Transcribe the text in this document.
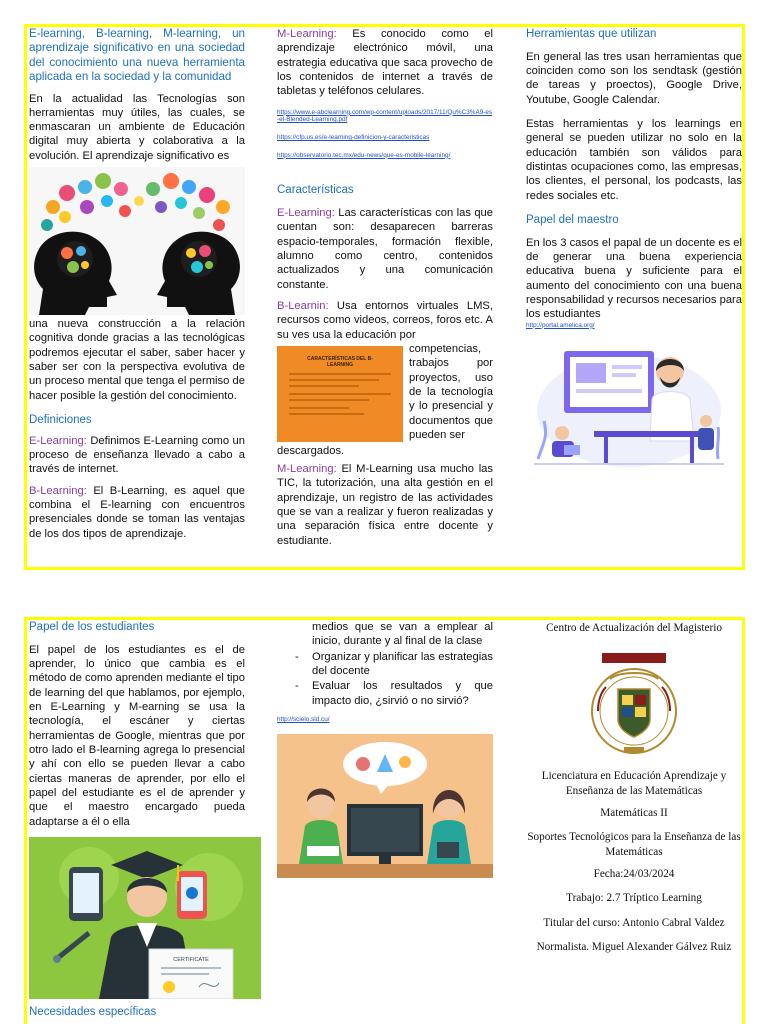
E-learning, B-learning, M-learning, un aprendizaje significativo en una sociedad del conocimiento una nueva herramienta aplicada en la sociedad y la comunidad

En la actualidad las Tecnologías son herramientas muy útiles, las cuales, se enmascaran un ambiente de Educación digital muy abierta y colaborativa a la evolución. El aprendizaje significativo es

una nueva construcción a la relación cognitiva donde gracias a las tecnológicas podremos ejecutar el saber, saber hacer y saber ser con la perspectiva evolutiva de un proceso mental que tenga el permiso de hacer posible la gestión del conocimiento.

Definiciones

E-Learning: Definimos E-Learning como un proceso de enseñanza llevado a cabo a través de internet.

B-Learning: El B-Learning, es aquel que combina el E-learning con encuentros presenciales donde se toman las ventajas de los dos tipos de aprendizaje.

M-Learning: Es conocido como el aprendizaje electrónico móvil, una estrategia educativa que saca provecho de los contenidos de internet a través de tabletas y teléfonos celulares.

https://www.e-abclearning.com/wp-content/uploads/2017/11/Qu%C3%A9-es-el-Blended-Learning.pdf
https://cfp.us.es/e-learning-definicion-y-caracteristicas
https://observatorio.tec.mx/edu-news/que-es-mobile-learning/
Características

E-Learning: Las características con las que cuentan son: desaparecen barreras espacio-temporales, formación flexible, alumno como centro, contenidos actualizados y una comunicación constante.

B-Learnin: Usa entornos virtuales LMS, recursos como videos, correos, foros etc. A su ves usa la educación por

CARACTERÍSTICAS DEL B-LEARNING
competencias, trabajos por proyectos, uso de la tecnología y lo presencial y documentos que pueden ser
descargados.

M-Learning: El M-Learning usa mucho las TIC, la tutorización, una alta gestión en el aprendizaje, un registro de las actividades que se van a realizar y fueron realizadas y una separación física entre docente y estudiante.

Herramientas que utilizan

En general las tres usan herramientas que coinciden como son los sendtask (gestión de tareas y proectos), Google Drive, Youtube, Google Calendar.

Estas herramientas y los learnings en general se pueden utilizar no solo en la educación también son válidos para distintas ocupaciones como, las empresas, los clientes, el personal, los podcasts, las redes sociales etc.

Papel del maestro

En los 3 casos el papal de un docente es el de generar una buena experiencia educativa buena y suficiente para el aumento del conocimiento con una buena responsabilidad y recursos necesarios para los estudiantes

http://portal.amelica.org/
Papel de los estudiantes

El papel de los estudiantes es el de aprender, lo único que cambia es el método de como aprenden mediante el tipo de learning del que hablamos, por ejemplo, en E-Learning y M-earning se usa la tecnología, el escáner y ciertas herramientas de Google, mientras que por otro lado el B-learning agrega lo presencial y ahí con ello se pueden llevar a cabo ciertas maneras de aprender, por ello el papel del estudiante es el de aprender y que el maestro encargado pueda adaptarse a él o ella

CERTIFICATE
Necesidades específicas

medios que se van a emplear al inicio, durante y al final de la clase

- Organizar y planificar las estrategias del docente
- Evaluar los resultados y que impacto dio, ¿sirvió o no sirvió?
http://scielo.sld.cu/

Centro de Actualización del Magisterio

Licenciatura en Educación Aprendizaje y Enseñanza de las Matemáticas

Matemáticas II

Soportes Tecnológicos para la Enseñanza de las Matemáticas

Fecha:24/03/2024

Trabajo: 2.7 Tríptico Learning

Titular del curso: Antonio Cabral Valdez

Normalista. Miguel Alexander Gálvez Ruiz
